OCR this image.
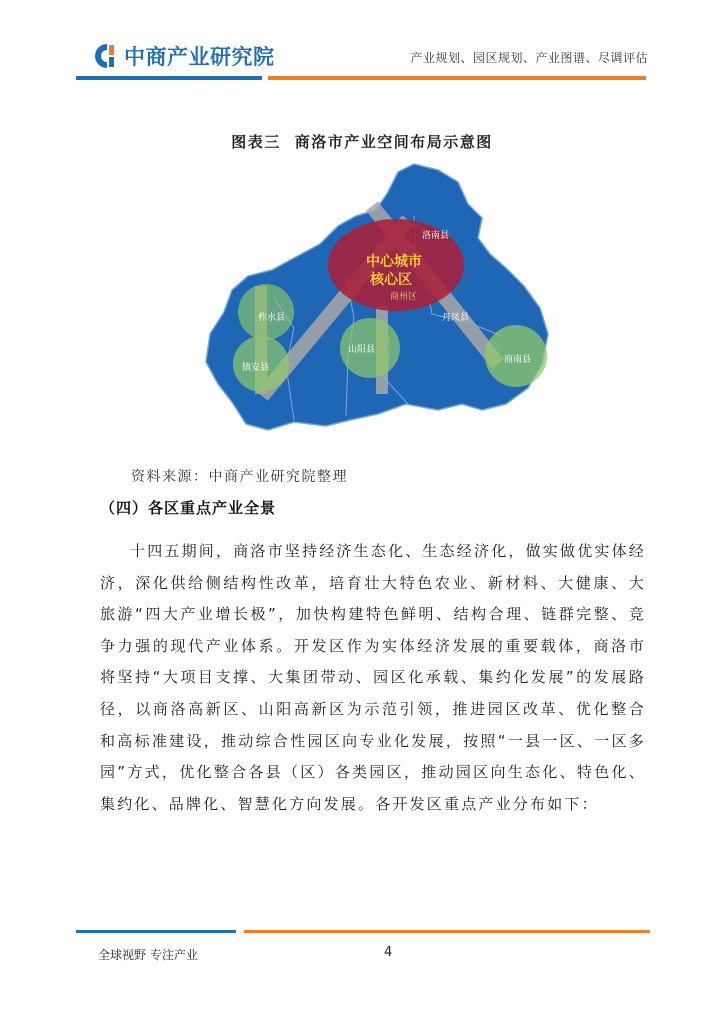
中商产业研究院	产业规划、园区规划、产业图谱、尽调评估
图表三 商洛市产业空间布局示意图
中心城市
核心区
商州区
洛南县
丹凤县
商南县
山阳县
镇安县
柞水县
资料来源：中商产业研究院整理
（四）各区重点产业全景

十四五期间，商洛市坚持经济生态化、生态经济化，做实做优实体经济，深化供给侧结构性改革，培育壮大特色农业、新材料、大健康、大旅游“四大产业增长极”，加快构建特色鲜明、结构合理、链群完整、竞争力强的现代产业体系。开发区作为实体经济发展的重要载体，商洛市将坚持“大项目支撑、大集团带动、园区化承载、集约化发展”的发展路径，以商洛高新区、山阳高新区为示范引领，推进园区改革、优化整合和高标准建设，推动综合性园区向专业化发展，按照“一县一区、一区多园”方式，优化整合各县（区）各类园区，推动园区向生态化、特色化、集约化、品牌化、智慧化方向发展。各开发区重点产业分布如下：

全球视野 专注产业	4
